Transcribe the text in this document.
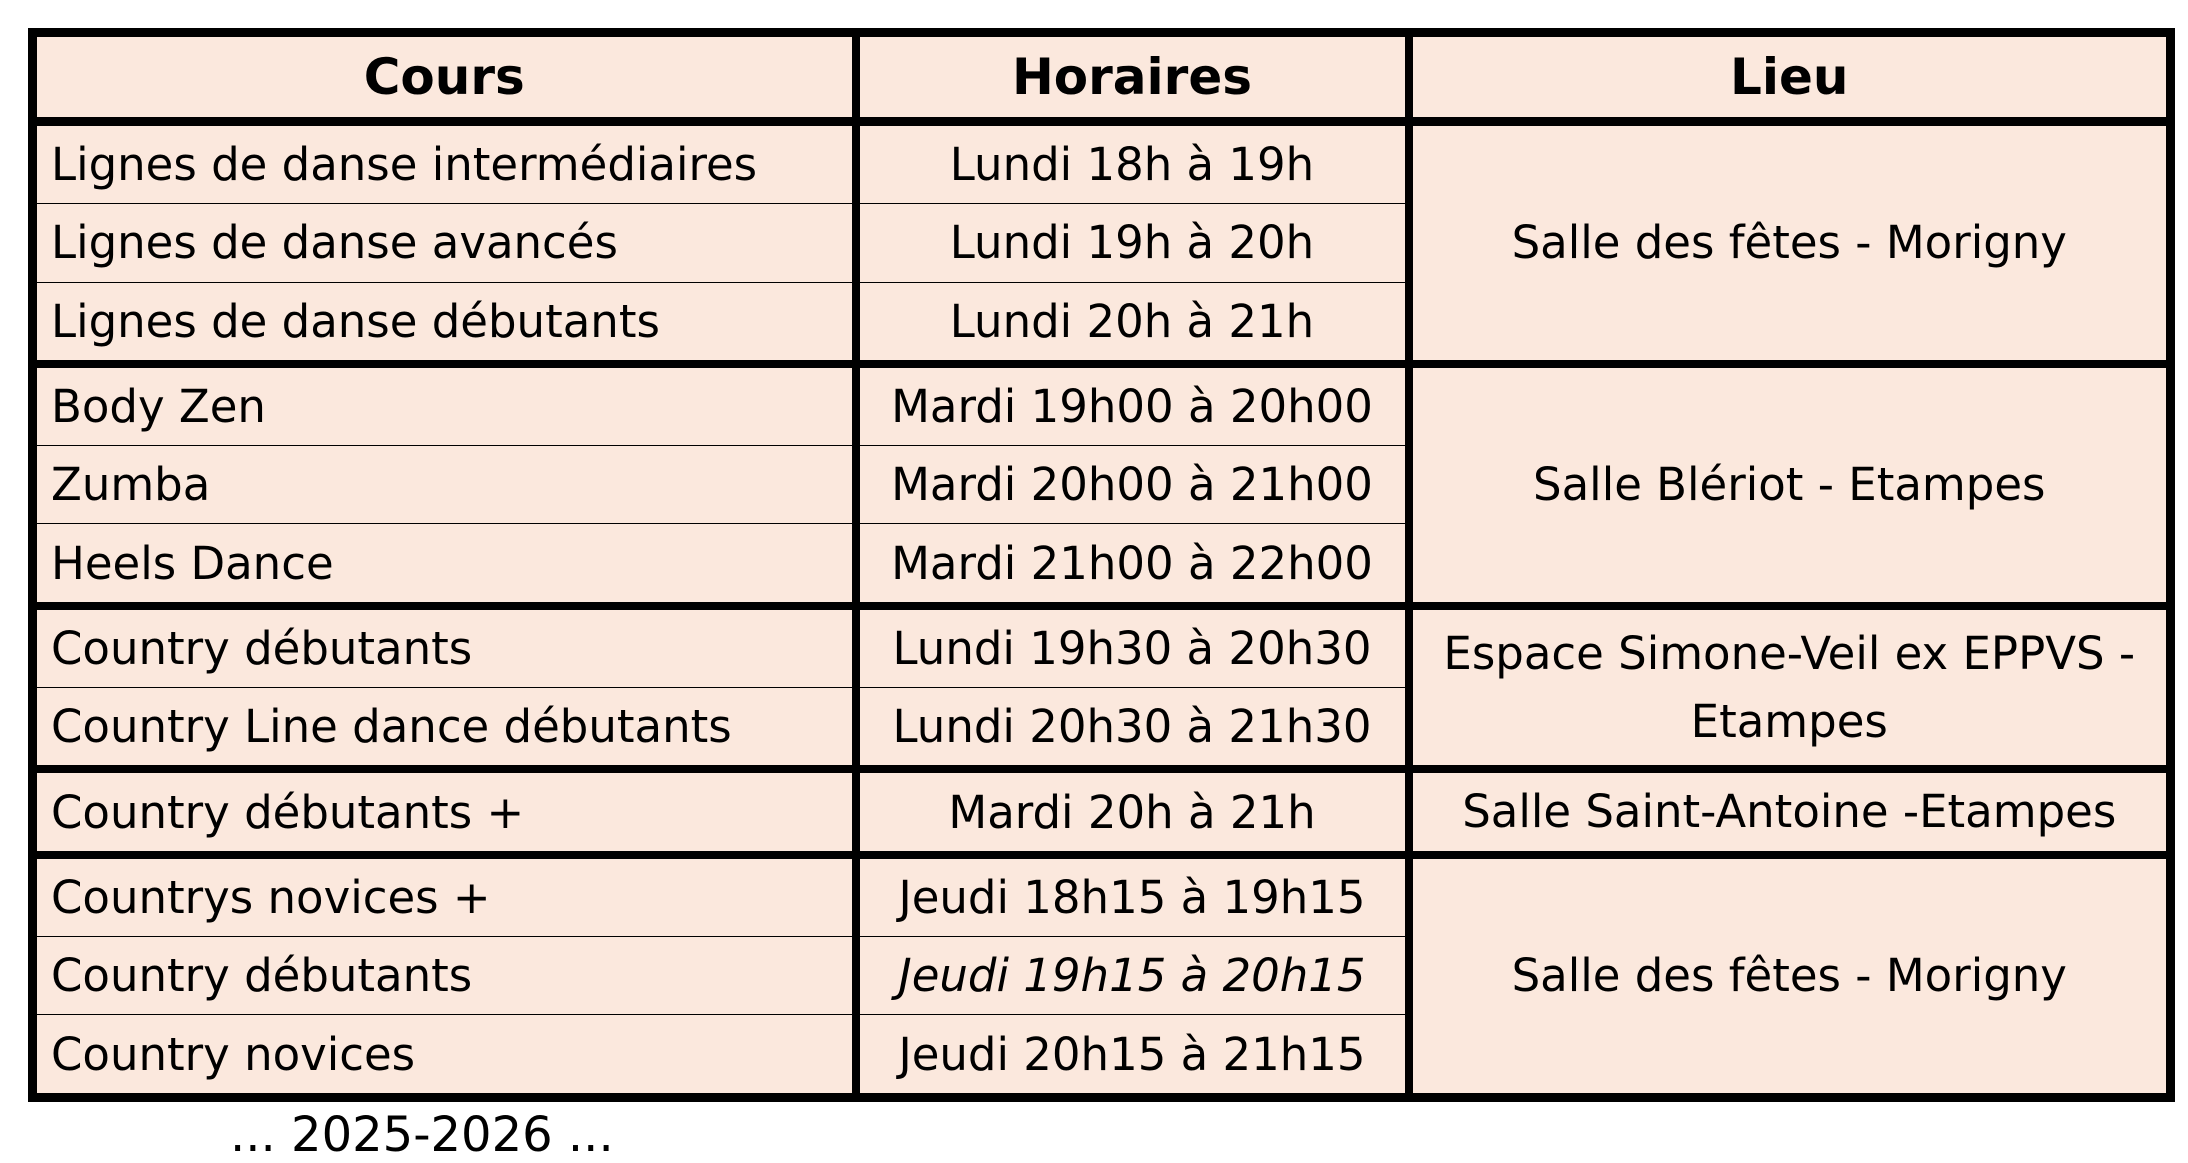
Cours	Horaires	Lieu
Lignes de danse intermédiaires	Lundi 18h à 19h	Salle des fêtes - Morigny
Lignes de danse avancés	Lundi 19h à 20h	
Lignes de danse débutants	Lundi 20h à 21h	
Body Zen	Mardi 19h00 à 20h00	Salle Blériot - Etampes
Zumba	Mardi 20h00 à 21h00	
Heels Dance	Mardi 21h00 à 22h00	
Country débutants	Lundi 19h30 à 20h30	Espace Simone-Veil ex EPPVS - Etampes
Country Line dance débutants	Lundi 20h30 à 21h30	
Country débutants +	Mardi 20h à 21h	Salle Saint-Antoine -Etampes
Countrys novices +	Jeudi 18h15 à 19h15	Salle des fêtes - Morigny
Country débutants	Jeudi 19h15 à 20h15	
Country novices	Jeudi 20h15 à 21h15	
... 2025-2026 ...
